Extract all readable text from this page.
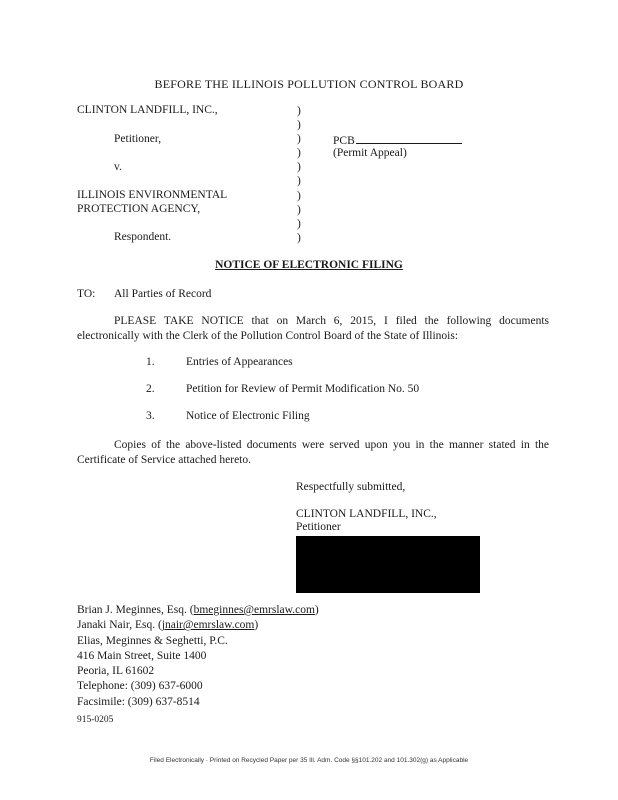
BEFORE THE ILLINOIS POLLUTION CONTROL BOARD
CLINTON LANDFILL, INC.,
Petitioner,
v.
ILLINOIS ENVIRONMENTAL
PROTECTION AGENCY,
Respondent.
)
)
)
)
)
)
)
)
)
)
PCB
(Permit Appeal)
NOTICE OF ELECTRONIC FILING
TO: All Parties of Record
PLEASE TAKE NOTICE that on March 6, 2015, I filed the following documents electronically with the Clerk of the Pollution Control Board of the State of Illinois:
1.	Entries of Appearances
2.	Petition for Review of Permit Modification No. 50
3.	Notice of Electronic Filing
Copies of the above-listed documents were served upon you in the manner stated in the Certificate of Service attached hereto.
Respectfully submitted,
CLINTON LANDFILL, INC.,
Petitioner
Brian J. Meginnes, Esq. (bmeginnes@emrslaw.com)
Janaki Nair, Esq. (jnair@emrslaw.com)
Elias, Meginnes & Seghetti, P.C.
416 Main Street, Suite 1400
Peoria, IL 61602
Telephone: (309) 637-6000
Facsimile: (309) 637-8514
915-0205
Filed Electronically · Printed on Recycled Paper per 35 Ill. Adm. Code §§101.202 and 101.302(g) as Applicable
